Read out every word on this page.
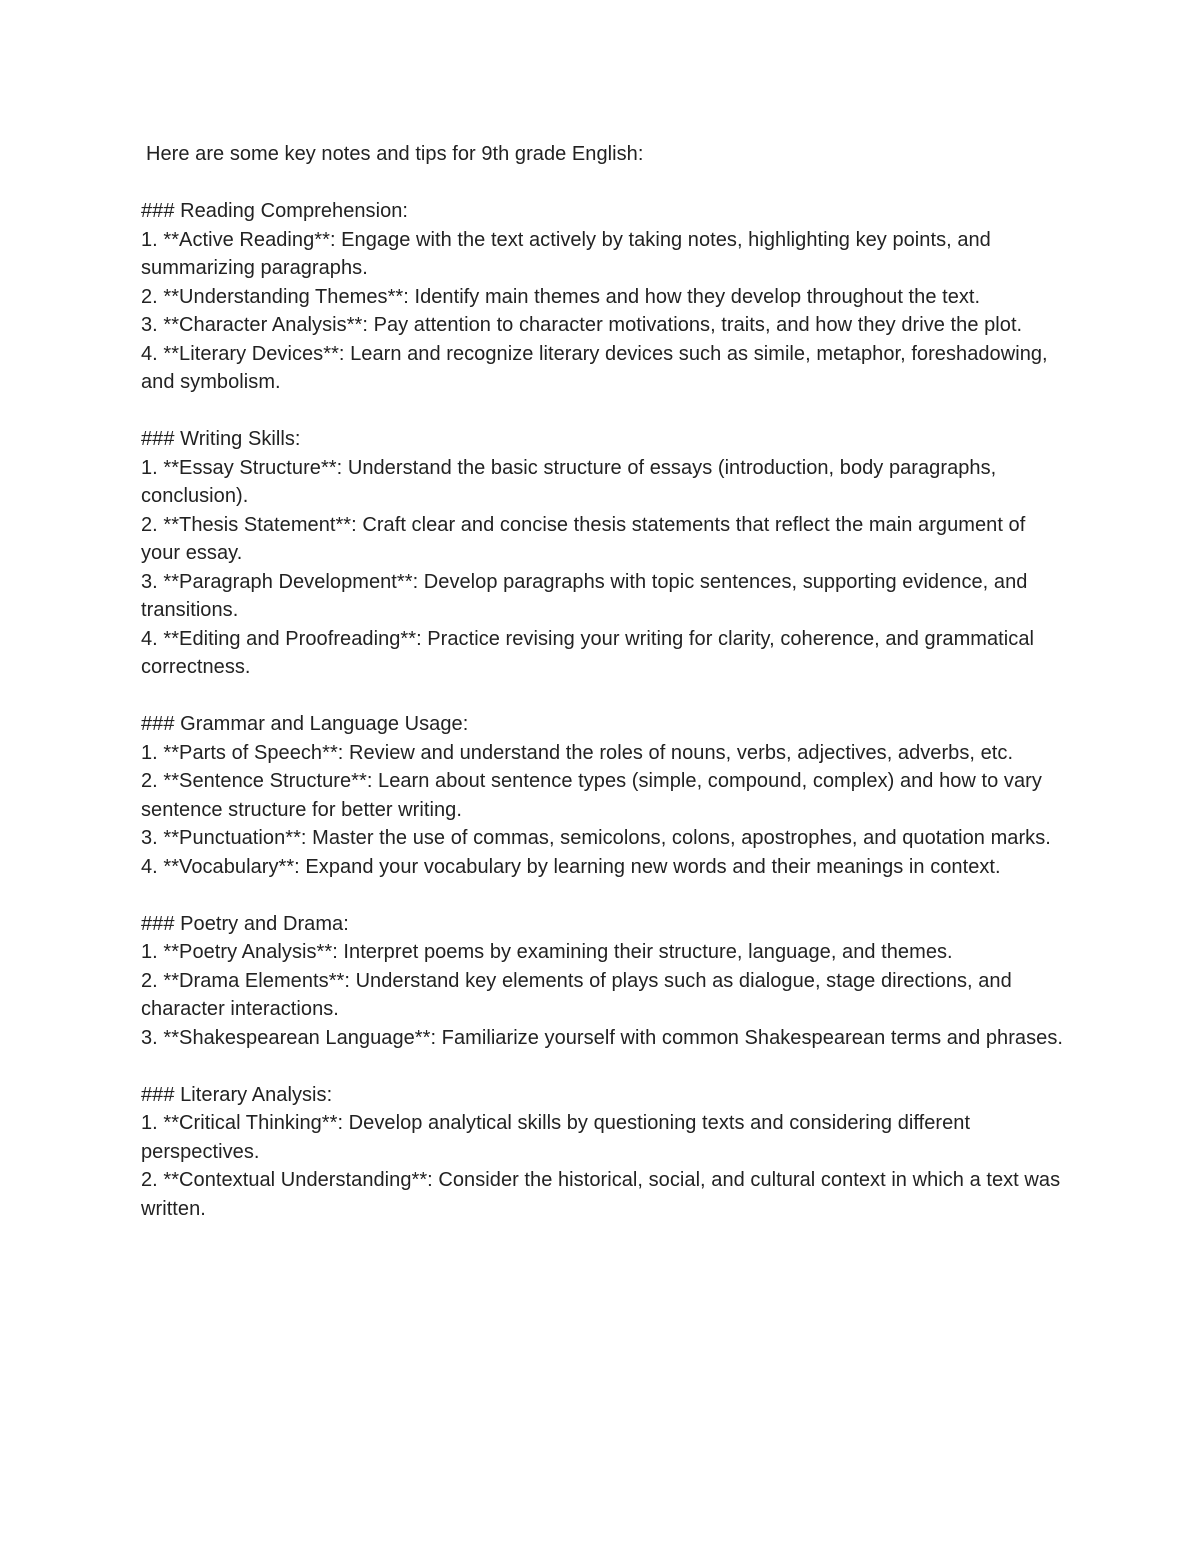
Here are some key notes and tips for 9th grade English:

### Reading Comprehension:

1. **Active Reading**: Engage with the text actively by taking notes, highlighting key points, and summarizing paragraphs.

2. **Understanding Themes**: Identify main themes and how they develop throughout the text.

3. **Character Analysis**: Pay attention to character motivations, traits, and how they drive the plot.

4. **Literary Devices**: Learn and recognize literary devices such as simile, metaphor, foreshadowing, and symbolism.

### Writing Skills:

1. **Essay Structure**: Understand the basic structure of essays (introduction, body paragraphs, conclusion).

2. **Thesis Statement**: Craft clear and concise thesis statements that reflect the main argument of your essay.

3. **Paragraph Development**: Develop paragraphs with topic sentences, supporting evidence, and transitions.

4. **Editing and Proofreading**: Practice revising your writing for clarity, coherence, and grammatical correctness.

### Grammar and Language Usage:

1. **Parts of Speech**: Review and understand the roles of nouns, verbs, adjectives, adverbs, etc.

2. **Sentence Structure**: Learn about sentence types (simple, compound, complex) and how to vary sentence structure for better writing.

3. **Punctuation**: Master the use of commas, semicolons, colons, apostrophes, and quotation marks.

4. **Vocabulary**: Expand your vocabulary by learning new words and their meanings in context.

### Poetry and Drama:

1. **Poetry Analysis**: Interpret poems by examining their structure, language, and themes.

2. **Drama Elements**: Understand key elements of plays such as dialogue, stage directions, and character interactions.

3. **Shakespearean Language**: Familiarize yourself with common Shakespearean terms and phrases.

### Literary Analysis:

1. **Critical Thinking**: Develop analytical skills by questioning texts and considering different perspectives.

2. **Contextual Understanding**: Consider the historical, social, and cultural context in which a text was written.
